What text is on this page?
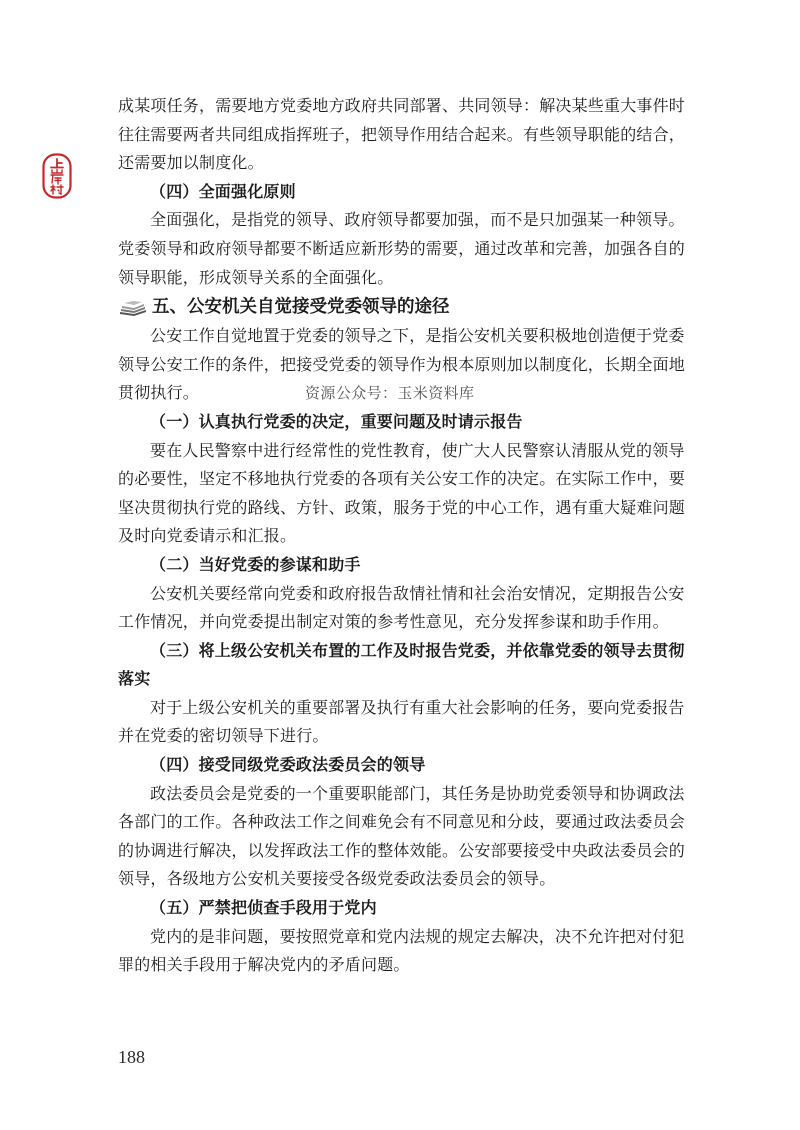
成某项任务，需要地方党委地方政府共同部署、共同领导：解决某些重大事件时
往往需要两者共同组成指挥班子，把领导作用结合起来。有些领导职能的结合，
还需要加以制度化。
（四）全面强化原则
全面强化，是指党的领导、政府领导都要加强，而不是只加强某一种领导。
党委领导和政府领导都要不断适应新形势的需要，通过改革和完善，加强各自的
领导职能，形成领导关系的全面强化。
五、公安机关自觉接受党委领导的途径
公安工作自觉地置于党委的领导之下，是指公安机关要积极地创造便于党委
领导公安工作的条件，把接受党委的领导作为根本原则加以制度化，长期全面地
贯彻执行。	资源公众号：玉米资料库
（一）认真执行党委的决定，重要问题及时请示报告
要在人民警察中进行经常性的党性教育，使广大人民警察认清服从党的领导
的必要性，坚定不移地执行党委的各项有关公安工作的决定。在实际工作中，要
坚决贯彻执行党的路线、方针、政策，服务于党的中心工作，遇有重大疑难问题
及时向党委请示和汇报。
（二）当好党委的参谋和助手
公安机关要经常向党委和政府报告敌情社情和社会治安情况，定期报告公安
工作情况，并向党委提出制定对策的参考性意见，充分发挥参谋和助手作用。
（三）将上级公安机关布置的工作及时报告党委，并依靠党委的领导去贯彻
落实
对于上级公安机关的重要部署及执行有重大社会影响的任务，要向党委报告
并在党委的密切领导下进行。
（四）接受同级党委政法委员会的领导
政法委员会是党委的一个重要职能部门，其任务是协助党委领导和协调政法
各部门的工作。各种政法工作之间难免会有不同意见和分歧，要通过政法委员会
的协调进行解决，以发挥政法工作的整体效能。公安部要接受中央政法委员会的
领导，各级地方公安机关要接受各级党委政法委员会的领导。
（五）严禁把侦查手段用于党内
党内的是非问题，要按照党章和党内法规的规定去解决，决不允许把对付犯
罪的相关手段用于解决党内的矛盾问题。
188
